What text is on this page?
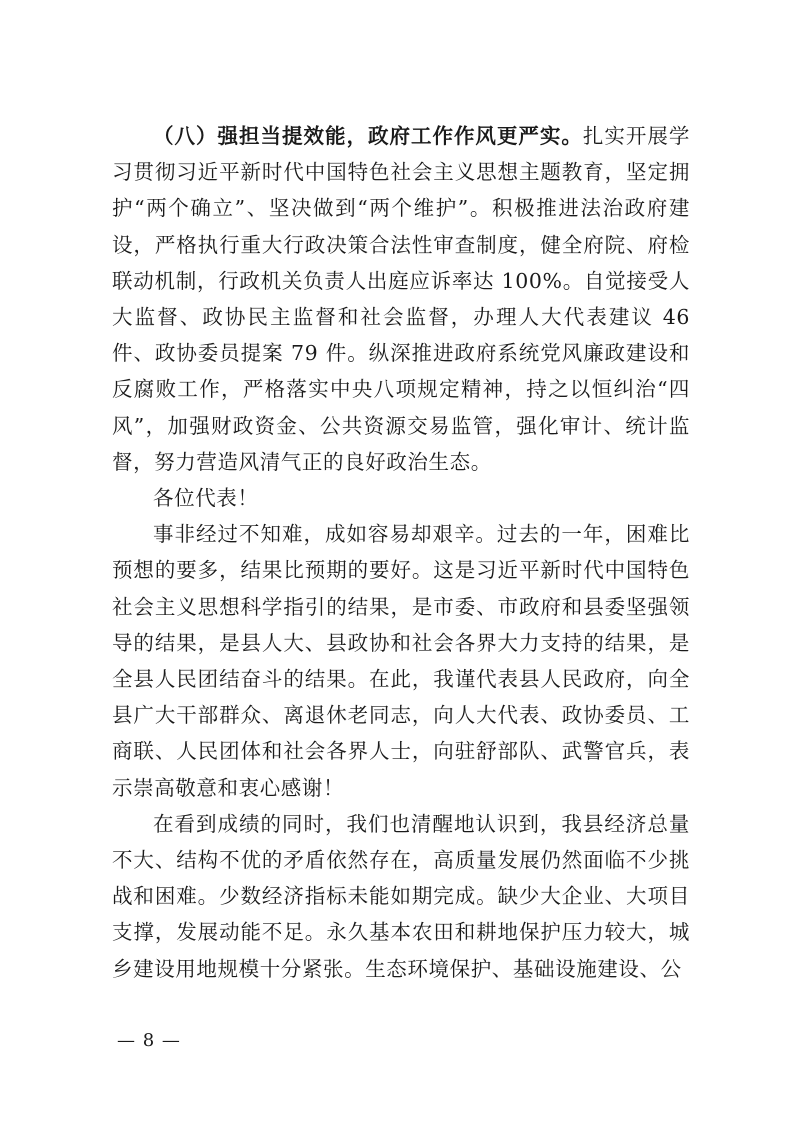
（八）强担当提效能，政府工作作风更严实。扎实开展学习贯彻习近平新时代中国特色社会主义思想主题教育，坚定拥护“两个确立”、坚决做到“两个维护”。积极推进法治政府建设，严格执行重大行政决策合法性审查制度，健全府院、府检联动机制，行政机关负责人出庭应诉率达 100%。自觉接受人大监督、政协民主监督和社会监督，办理人大代表建议 46 件、政协委员提案 79 件。纵深推进政府系统党风廉政建设和反腐败工作，严格落实中央八项规定精神，持之以恒纠治“四风”，加强财政资金、公共资源交易监管，强化审计、统计监督，努力营造风清气正的良好政治生态。

各位代表！

事非经过不知难，成如容易却艰辛。过去的一年，困难比预想的要多，结果比预期的要好。这是习近平新时代中国特色社会主义思想科学指引的结果，是市委、市政府和县委坚强领导的结果，是县人大、县政协和社会各界大力支持的结果，是全县人民团结奋斗的结果。在此，我谨代表县人民政府，向全县广大干部群众、离退休老同志，向人大代表、政协委员、工商联、人民团体和社会各界人士，向驻舒部队、武警官兵，表示崇高敬意和衷心感谢！

在看到成绩的同时，我们也清醒地认识到，我县经济总量不大、结构不优的矛盾依然存在，高质量发展仍然面临不少挑战和困难。少数经济指标未能如期完成。缺少大企业、大项目支撑，发展动能不足。永久基本农田和耕地保护压力较大，城乡建设用地规模十分紧张。生态环境保护、基础设施建设、公

— 8 —
